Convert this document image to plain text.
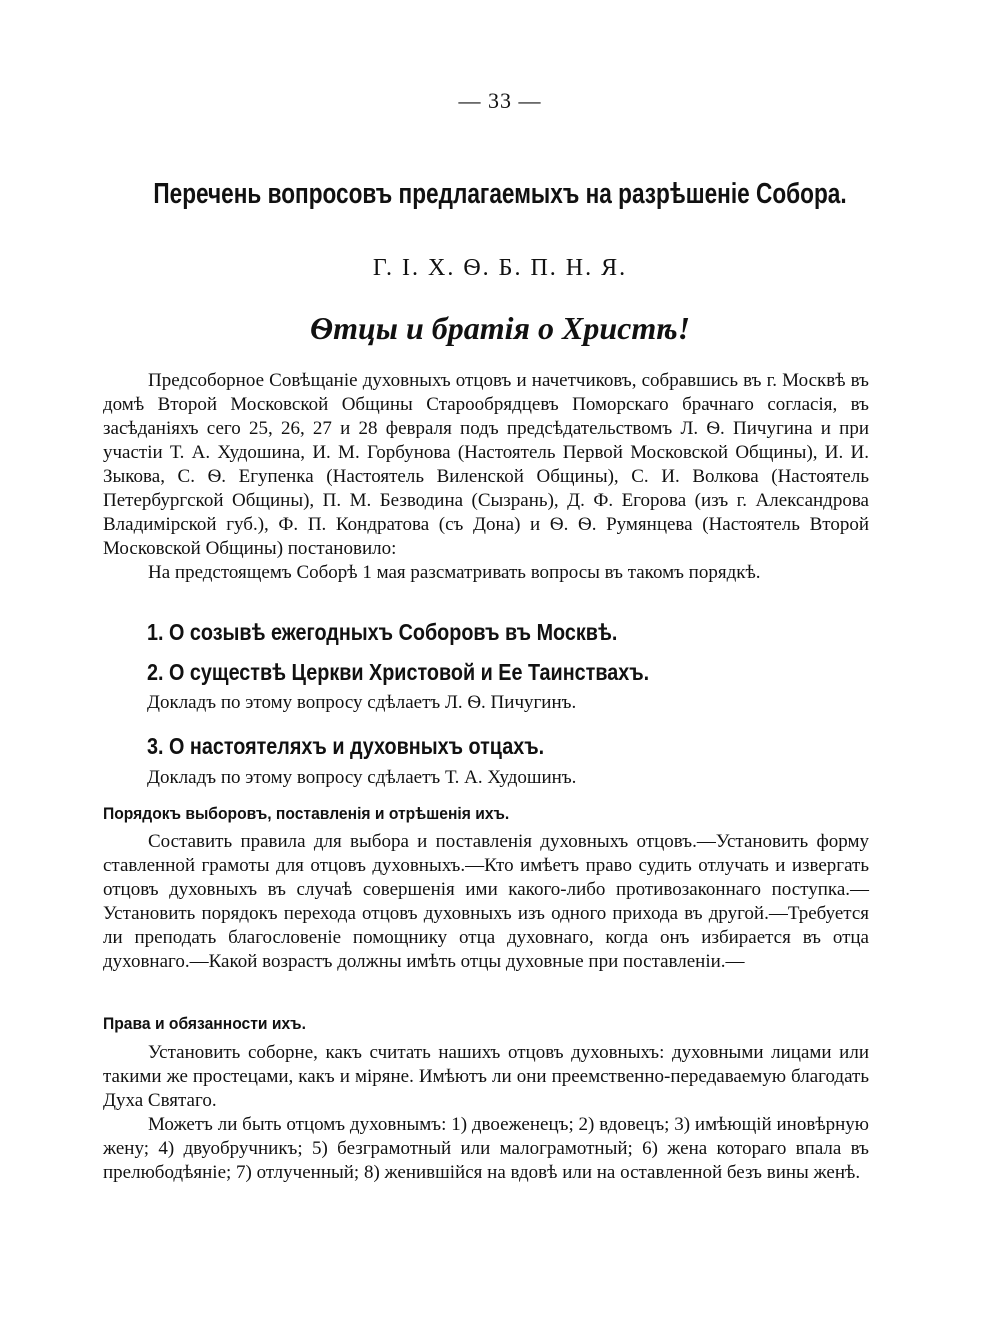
— 33 —
Перечень вопросовъ предлагаемыхъ на разрѣшеніе Собора.
Г. І. Х. Ѳ. Б. П. Н. Я.
Ѳтцы и братія о Христѣ!

Предсоборное Совѣщаніе духовныхъ отцовъ и начетчиковъ, собравшись въ г. Москвѣ въ домѣ Второй Московской Общины Старообрядцевъ Поморскаго брачнаго согласія, въ засѣданіяхъ сего 25, 26, 27 и 28 февраля подъ предсѣдательствомъ Л. Ѳ. Пичугина и при участіи Т. А. Худошина, И. М. Горбунова (Настоятель Первой Московской Общины), И. И. Зыкова, С. Ѳ. Егупенка (Настоятель Виленской Общины), С. И. Волкова (Настоятель Петербургской Общины), П. М. Безводина (Сызрань), Д. Ф. Егорова (изъ г. Александрова Владимірской губ.), Ф. П. Кондратова (съ Дона) и Ѳ. Ѳ. Румянцева (Настоятель Второй Московской Общины) постановило:

На предстоящемъ Соборѣ 1 мая разсматривать вопросы въ такомъ порядкѣ.

1. О созывѣ ежегодныхъ Соборовъ въ Москвѣ.
2. О существѣ Церкви Христовой и Ее Таинствахъ.
Докладъ по этому вопросу сдѣлаетъ Л. Ѳ. Пичугинъ.
3. О настоятеляхъ и духовныхъ отцахъ.
Докладъ по этому вопросу сдѣлаетъ Т. А. Худошинъ.
Порядокъ выборовъ, поставленія и отрѣшенія ихъ.

Составить правила для выбора и поставленія духовныхъ отцовъ.—Установить форму ставленной грамоты для отцовъ духовныхъ.—Кто имѣетъ право судить отлучать и извергать отцовъ духовныхъ въ случаѣ совершенія ими какого-либо противозаконнаго поступка.—Установить порядокъ перехода отцовъ духовныхъ изъ одного прихода въ другой.—Требуется ли преподать благословеніе помощнику отца духовнаго, когда онъ избирается въ отца духовнаго.—Какой возрастъ должны имѣть отцы духовные при поставленіи.—

Права и обязанности ихъ.

Установить соборне, какъ считать нашихъ отцовъ духовныхъ: духовными лицами или такими же простецами, какъ и міряне. Имѣютъ ли они преемственно-передаваемую благодать Духа Святаго.

Можетъ ли быть отцомъ духовнымъ: 1) двоеженецъ; 2) вдовецъ; 3) имѣющій иновѣрную жену; 4) двуобручникъ; 5) безграмотный или малограмотный; 6) жена котораго впала въ прелюбодѣяніе; 7) отлученный; 8) женившійся на вдовѣ или на оставленной безъ вины женѣ.
